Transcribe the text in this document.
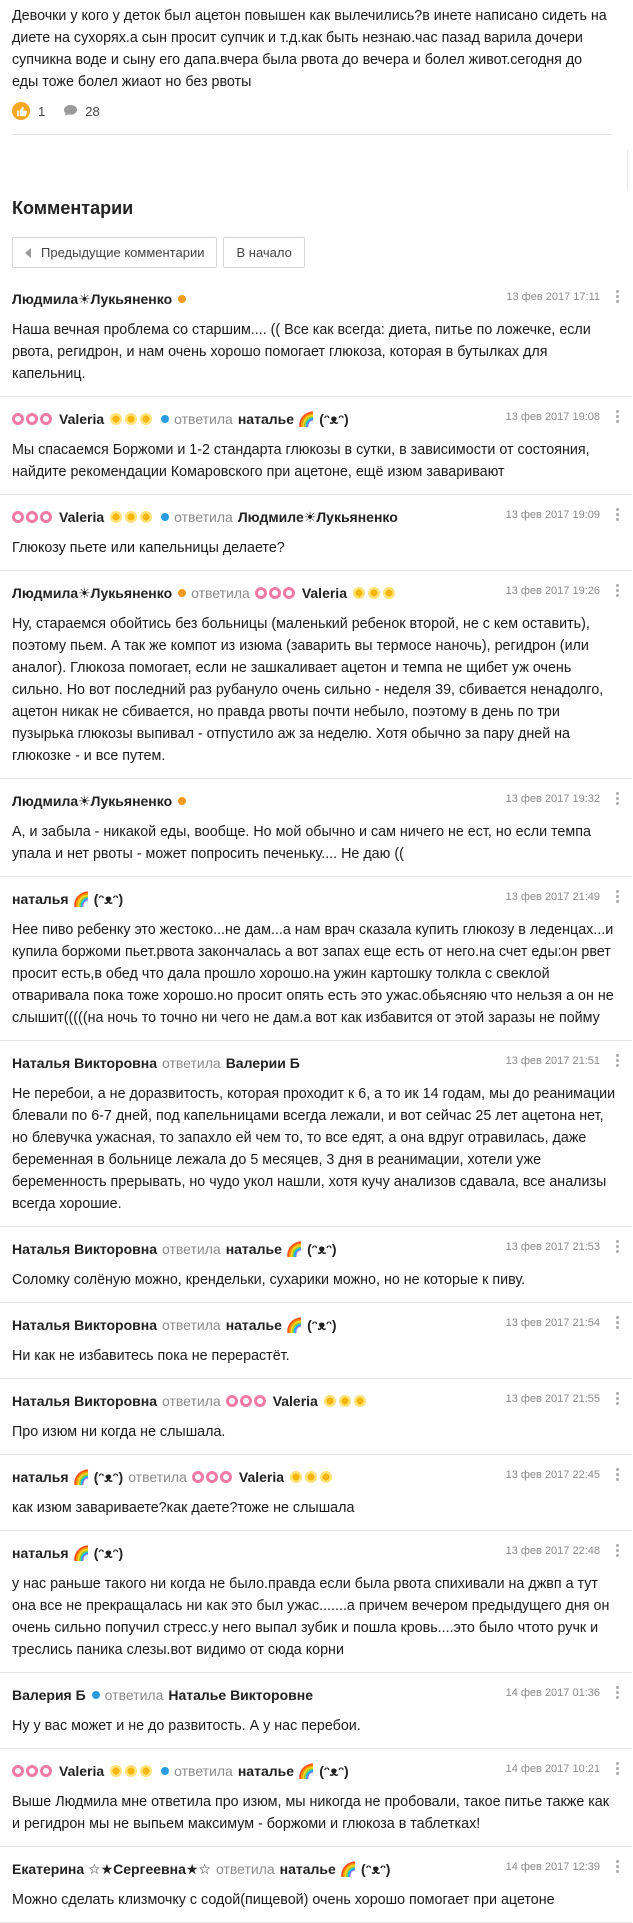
Девочки у кого у деток был ацетон повышен как вылечились?в инете написано сидеть на диете на сухорях.а сын просит супчик и т.д.как быть незнаю.час пазад варила дочери супчикна воде и сыну его дапа.вчера была рвота до вечера и болел живот.сегодня до еды тоже болел жиаот но без рвоты

1	28
Комментарии
Предыдущие комментарии В начало
Людмила☀Лукьяненко	13 фев 2017 17:11

Наша вечная проблема со старшим.... (( Все как всегда: диета, питье по ложечке, если рвота, регидрон, и нам очень хорошо помогает глюкоза, которая в бутылках для капельниц.

Valeria	ответила натальe 🌈 (ᵔᴥᵔ)	13 фев 2017 19:08

Мы спасаемся Боржоми и 1-2 стандарта глюкозы в сутки, в зависимости от состояния, найдите рекомендации Комаровского при ацетоне, ещё изюм заваривают

Valeria	ответила Людмиле☀Лукьяненко	13 фев 2017 19:09

Глюкозу пьете или капельницы делаете?

Людмила☀Лукьяненко ответила	Valeria	13 фев 2017 19:26

Ну, стараемся обойтись без больницы (маленький ребенок второй, не с кем оставить), поэтому пьем. А так же компот из изюма (заварить вы термосе наночь), регидрон (или аналог). Глюкоза помогает, если не зашкаливает ацетон и темпа не щибет уж очень сильно. Но вот последний раз рубануло очень сильно - неделя 39, сбивается ненадолго, ацетон никак не сбивается, но правда рвоты почти небыло, поэтому в день по три пузырька глюкозы выпивал - отпустило аж за неделю. Хотя обычно за пару дней на глюкозке - и все путем.

Людмила☀Лукьяненко	13 фев 2017 19:32

А, и забыла - никакой еды, вообще. Но мой обычно и сам ничего не ест, но если темпа упала и нет рвоты - может попросить печеньку.... Не даю ((

наталья 🌈 (ᵔᴥᵔ)	13 фев 2017 21:49

Нее пиво ребенку это жестоко...не дам...а нам врач сказала купить глюкозу в леденцах...и купила боржоми пьет.рвота закончалась а вот запах еще есть от него.на счет еды:он рвет просит есть,в обед что дала прошло хорошо.на ужин картошку толкла с свеклой отваривала пока тоже хорошо.но просит опять есть это ужас.обьясняю что нельзя а он не слышит(((((на ночь то точно ни чего не дам.а вот как избавится от этой заразы не пойму

Наталья Викторовна ответила Валерии Б	13 фев 2017 21:51

Не перебои, а не доразвитость, которая проходит к 6, а то ик 14 годам, мы до реанимации блевали по 6-7 дней, под капельницами всегда лежали, и вот сейчас 25 лет ацетона нет, но блевучка ужасная, то запахло ей чем то, то все едят, а она вдруг отравилась, даже беременная в больнице лежала до 5 месяцев, 3 дня в реанимации, хотели уже беременность прерывать, но чудо укол нашли, хотя кучу анализов сдавала, все анализы всегда хорошие.

Наталья Викторовна ответила натальe 🌈 (ᵔᴥᵔ)	13 фев 2017 21:53

Соломку солёную можно, крендельки, сухарики можно, но не которые к пиву.

Наталья Викторовна ответила натальe 🌈 (ᵔᴥᵔ)	13 фев 2017 21:54

Ни как не избавитесь пока не перерастёт.

Наталья Викторовна ответила	Valeria	13 фев 2017 21:55

Про изюм ни когда не слышала.

наталья 🌈 (ᵔᴥᵔ) ответила	Valeria	13 фев 2017 22:45

как изюм завариваете?как даете?тоже не слышала

наталья 🌈 (ᵔᴥᵔ)	13 фев 2017 22:48

у нас раньше такого ни когда не было.правда если была рвота спихивали на джвп а тут она все не прекращалась ни как это был ужас.......а причем вечером предыдущего дня он очень сильно попучил стресс.у него выпал зубик и пошла кровь....это было чтото ручк и треслись паника слезы.вот видимо от сюда корни

Валерия Б ответила Наталье Викторовне	14 фев 2017 01:36

Ну у вас может и не до развитость. А у нас перебои.

Valeria	ответила натальe 🌈 (ᵔᴥᵔ)	14 фев 2017 10:21

Выше Людмила мне ответила про изюм, мы никогда не пробовали, такое питье также как и регидрон мы не выпьем максимум - боржоми и глюкоза в таблетках!

Екатерина ☆★Сергеевна★☆ ответила натальe 🌈 (ᵔᴥᵔ)	14 фев 2017 12:39

Можно сделать клизмочку с содой(пищевой) очень хорошо помогает при ацетоне
